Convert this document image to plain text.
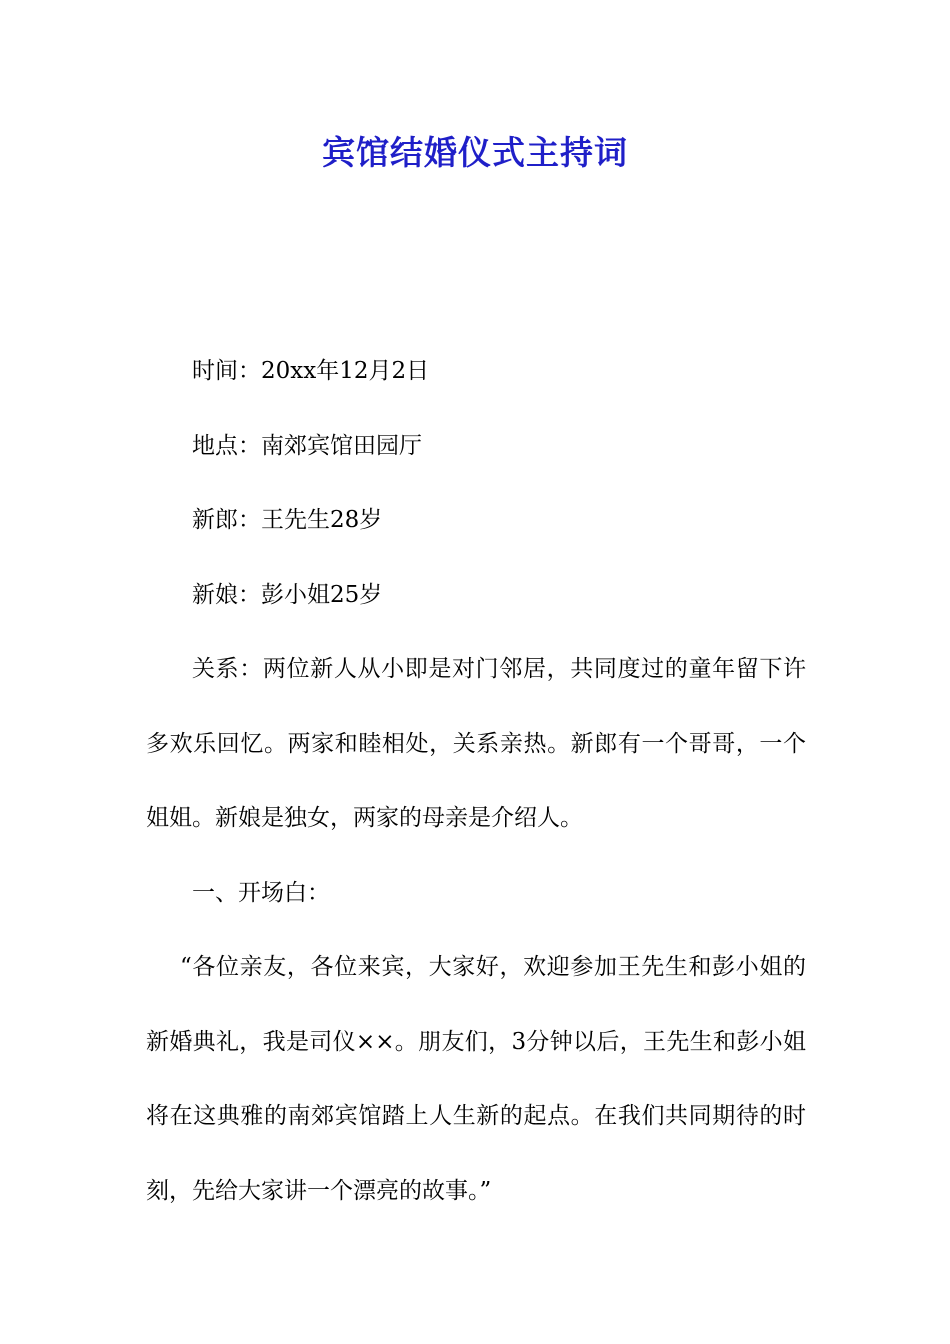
宾馆结婚仪式主持词

时间：20xx年12月2日

地点：南郊宾馆田园厅

新郎：王先生28岁

新娘：彭小姐25岁

关系：两位新人从小即是对门邻居，共同度过的童年留下许多欢乐回忆。两家和睦相处，关系亲热。新郎有一个哥哥，一个姐姐。新娘是独女，两家的母亲是介绍人。

一、开场白：

“各位亲友，各位来宾，大家好，欢迎参加王先生和彭小姐的新婚典礼，我是司仪××。朋友们，3分钟以后，王先生和彭小姐将在这典雅的南郊宾馆踏上人生新的起点。在我们共同期待的时刻，先给大家讲一个漂亮的故事。”
